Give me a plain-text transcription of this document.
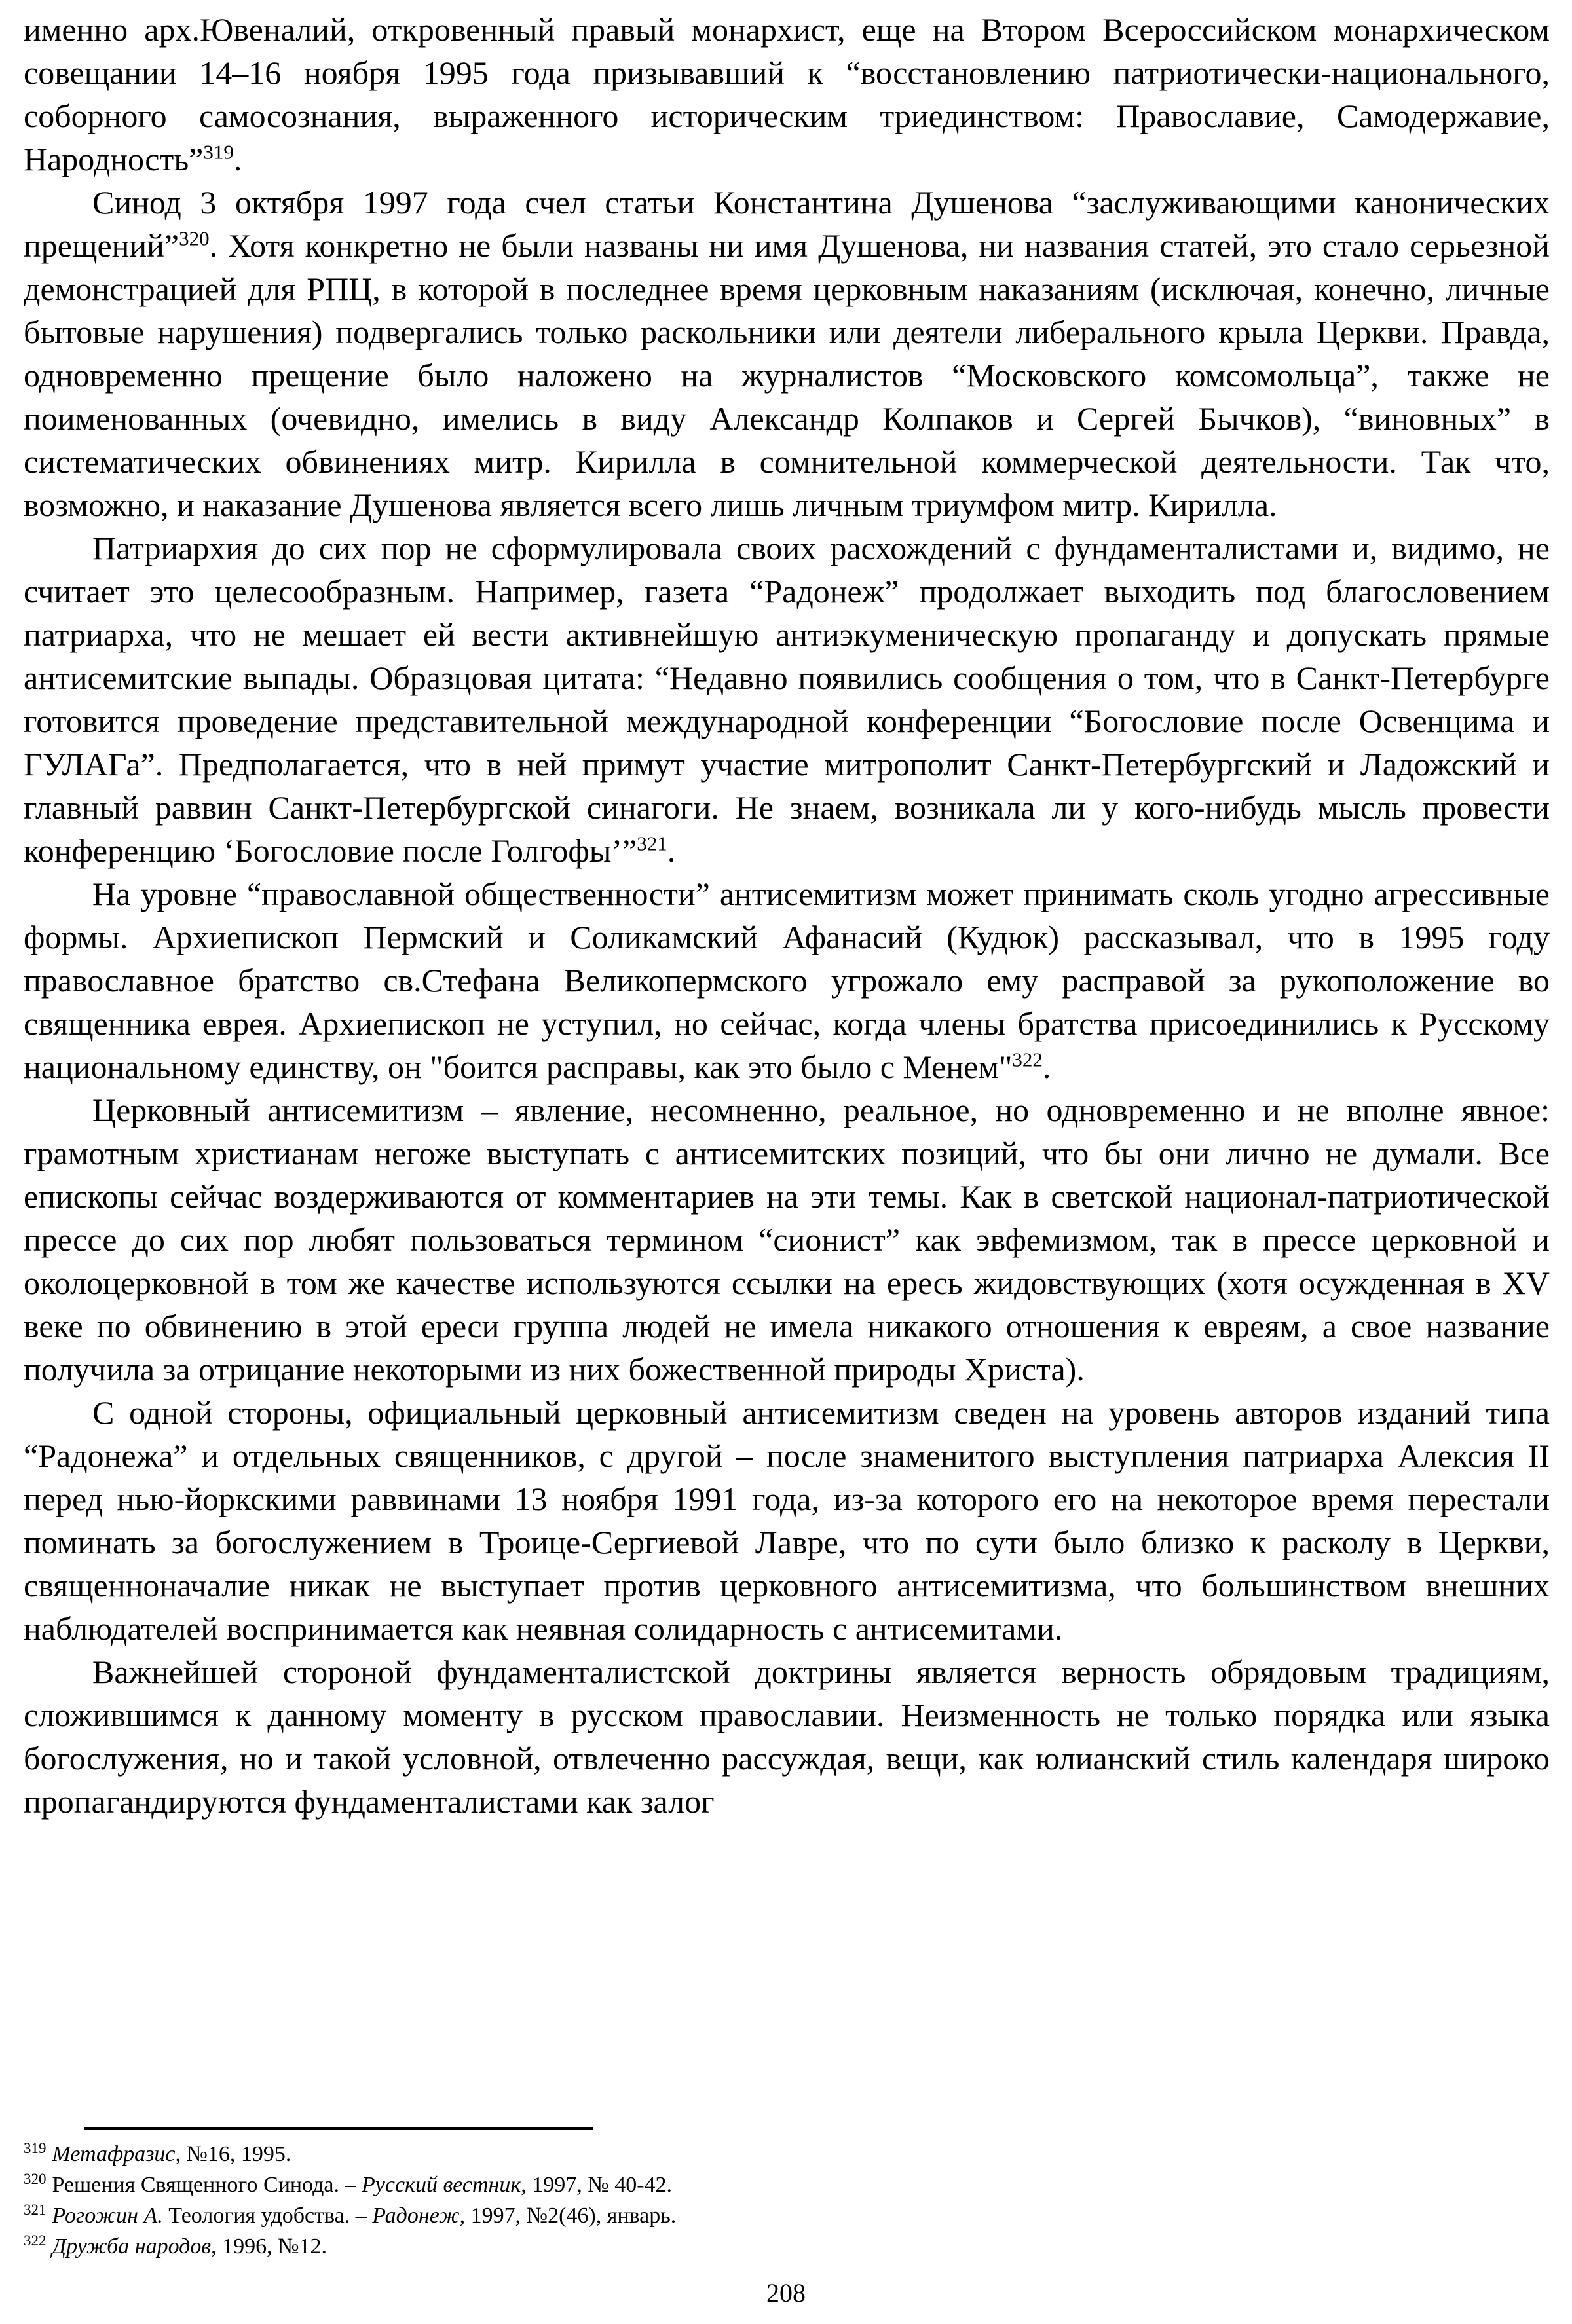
именно арх.Ювеналий, откровенный правый монархист, еще на Втором Всероссийском монархическом совещании 14–16 ноября 1995 года призывавший к “восстановлению патриотически-национального, соборного самосознания, выраженного историческим триединством: Православие, Самодержавие, Народность”$^{319}$.

Синод 3 октября 1997 года счел статьи Константина Душенова “заслуживающими канонических прещений”$^{320}$. Хотя конкретно не были названы ни имя Душенова, ни названия статей, это стало серьезной демонстрацией для РПЦ, в которой в последнее время церковным наказаниям (исключая, конечно, личные бытовые нарушения) подвергались только раскольники или деятели либерального крыла Церкви. Правда, одновременно прещение было наложено на журналистов “Московского комсомольца”, также не поименованных (очевидно, имелись в виду Александр Колпаков и Сергей Бычков), “виновных” в систематических обвинениях митр. Кирилла в сомнительной коммерческой деятельности. Так что, возможно, и наказание Душенова является всего лишь личным триумфом митр. Кирилла.

Патриархия до сих пор не сформулировала своих расхождений с фундаменталистами и, видимо, не считает это целесообразным. Например, газета “Радонеж” продолжает выходить под благословением патриарха, что не мешает ей вести активнейшую антиэкуменическую пропаганду и допускать прямые антисемитские выпады. Образцовая цитата: “Недавно появились сообщения о том, что в Санкт-Петербурге готовится проведение представительной международной конференции “Богословие после Освенцима и ГУЛАГа”. Предполагается, что в ней примут участие митрополит Санкт-Петербургский и Ладожский и главный раввин Санкт-Петербургской синагоги. Не знаем, возникала ли у кого-нибудь мысль провести конференцию ‘Богословие после Голгофы’”$^{321}$.

На уровне “православной общественности” антисемитизм может принимать сколь угодно агрессивные формы. Архиепископ Пермский и Соликамский Афанасий (Кудюк) рассказывал, что в 1995 году православное братство св.Стефана Великопермского угрожало ему расправой за рукоположение во священника еврея. Архиепископ не уступил, но сейчас, когда члены братства присоединились к Русскому национальному единству, он "боится расправы, как это было с Менем"$^{322}$.

Церковный антисемитизм – явление, несомненно, реальное, но одновременно и не вполне явное: грамотным христианам негоже выступать с антисемитских позиций, что бы они лично не думали. Все епископы сейчас воздерживаются от комментариев на эти темы. Как в светской национал-патриотической прессе до сих пор любят пользоваться термином “сионист” как эвфемизмом, так в прессе церковной и околоцерковной в том же качестве используются ссылки на ересь жидовствующих (хотя осужденная в XV веке по обвинению в этой ереси группа людей не имела никакого отношения к евреям, а свое название получила за отрицание некоторыми из них божественной природы Христа).

С одной стороны, официальный церковный антисемитизм сведен на уровень авторов изданий типа “Радонежа” и отдельных священников, с другой – после знаменитого выступления патриарха Алексия II перед нью-йоркскими раввинами 13 ноября 1991 года, из-за которого его на некоторое время перестали поминать за богослужением в Троице-Сергиевой Лавре, что по сути было близко к расколу в Церкви, священноначалие никак не выступает против церковного антисемитизма, что большинством внешних наблюдателей воспринимается как неявная солидарность с антисемитами.

Важнейшей стороной фундаменталистской доктрины является верность обрядовым традициям, сложившимся к данному моменту в русском православии. Неизменность не только порядка или языка богослужения, но и такой условной, отвлеченно рассуждая, вещи, как юлианский стиль календаря широко пропагандируются фундаменталистами как залог

$^{319}$ Метафразис, №16, 1995.
$^{320}$ Решения Священного Синода. – Русский вестник, 1997, № 40-42.
$^{321}$ Рогожин А. Теология удобства. – Радонеж, 1997, №2(46), январь.
$^{322}$ Дружба народов, 1996, №12.
208
